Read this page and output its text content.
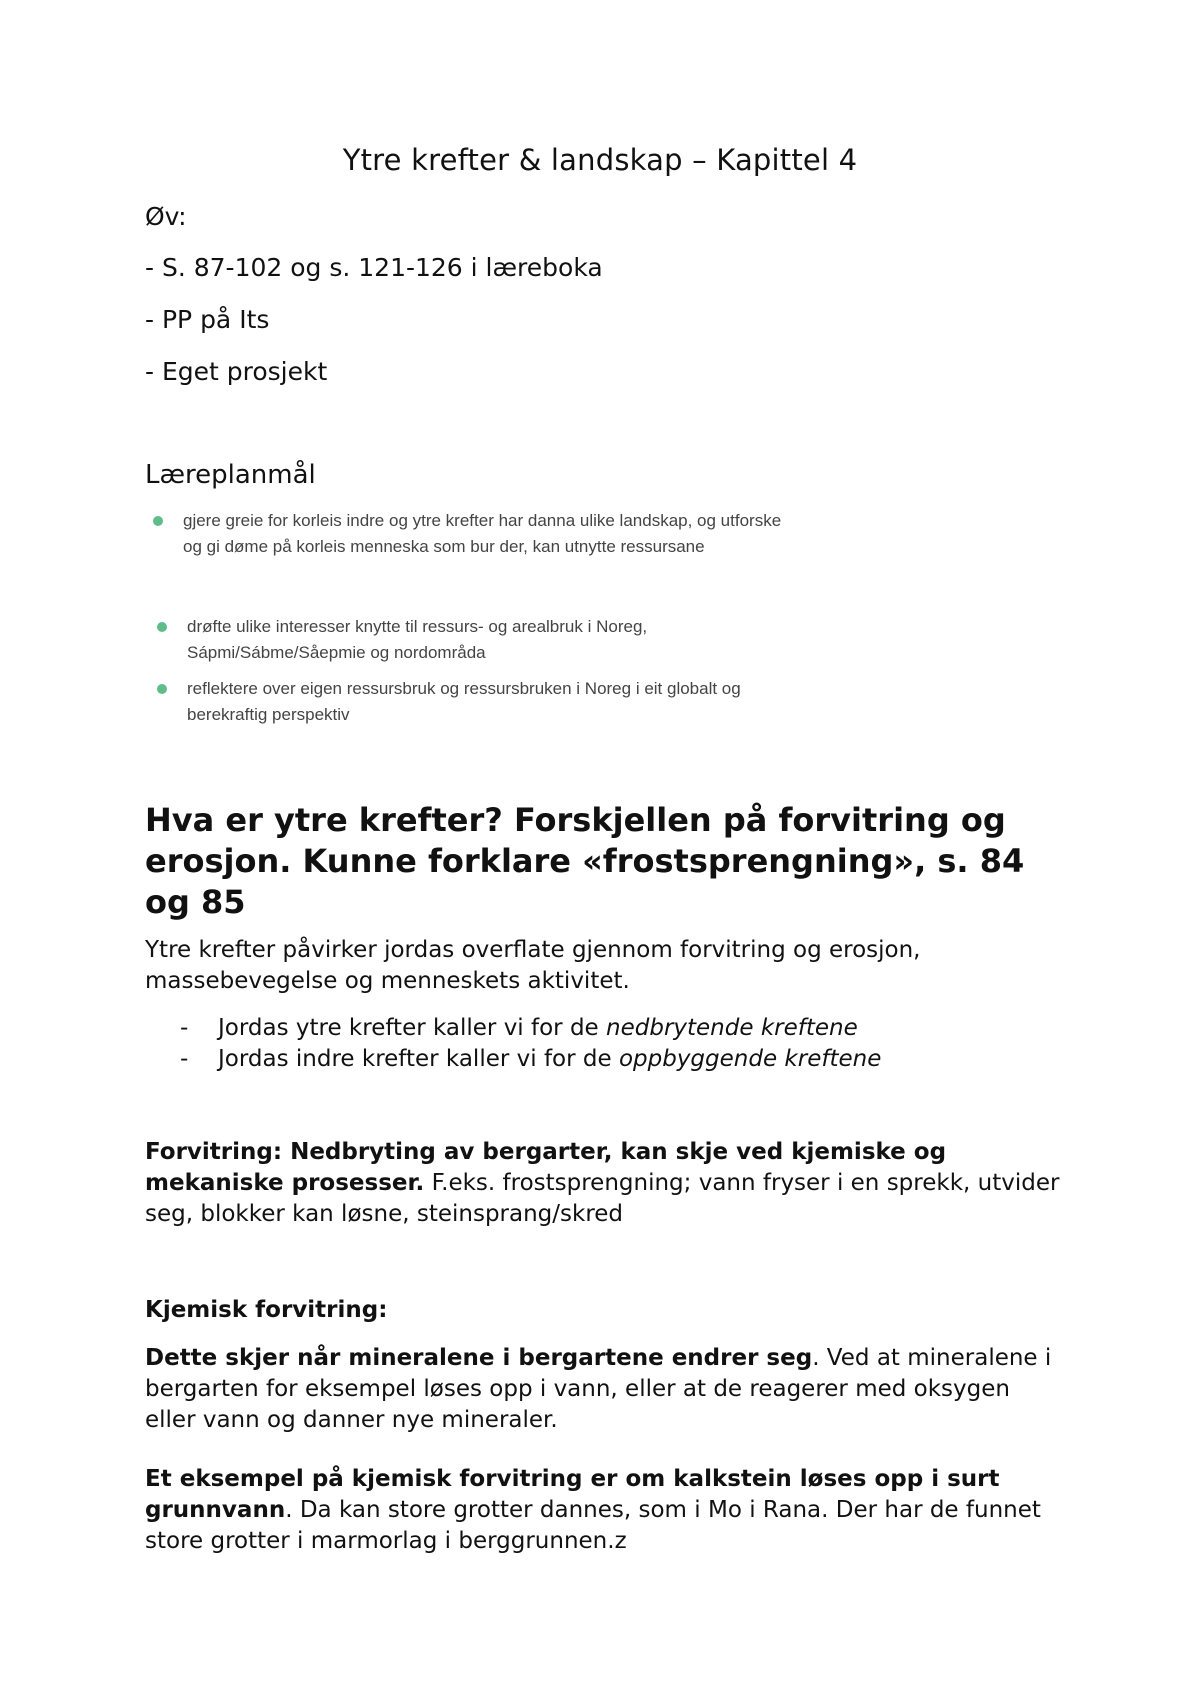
Ytre krefter & landskap – Kapittel 4
Øv:
- S. 87-102 og s. 121-126 i læreboka
- PP på Its
- Eget prosjekt
Læreplanmål
gjere greie for korleis indre og ytre krefter har danna ulike landskap, og utforske og gi døme på korleis menneska som bur der, kan utnytte ressursane
drøfte ulike interesser knytte til ressurs- og arealbruk i Noreg, Sápmi/Sábme/Såepmie og nordområda
reflektere over eigen ressursbruk og ressursbruken i Noreg i eit globalt og berekraftig perspektiv
Hva er ytre krefter? Forskjellen på forvitring og erosjon. Kunne forklare «frostsprengning», s. 84 og 85

Ytre krefter påvirker jordas overflate gjennom forvitring og erosjon, massebevegelse og menneskets aktivitet.

- Jordas ytre krefter kaller vi for de nedbrytende kreftene
- Jordas indre krefter kaller vi for de oppbyggende kreftene

Forvitring: Nedbryting av bergarter, kan skje ved kjemiske og mekaniske prosesser. F.eks. frostsprengning; vann fryser i en sprekk, utvider seg, blokker kan løsne, steinsprang/skred

Kjemisk forvitring:

Dette skjer når mineralene i bergartene endrer seg. Ved at mineralene i bergarten for eksempel løses opp i vann, eller at de reagerer med oksygen eller vann og danner nye mineraler.

Et eksempel på kjemisk forvitring er om kalkstein løses opp i surt grunnvann. Da kan store grotter dannes, som i Mo i Rana. Der har de funnet store grotter i marmorlag i berggrunnen.z
